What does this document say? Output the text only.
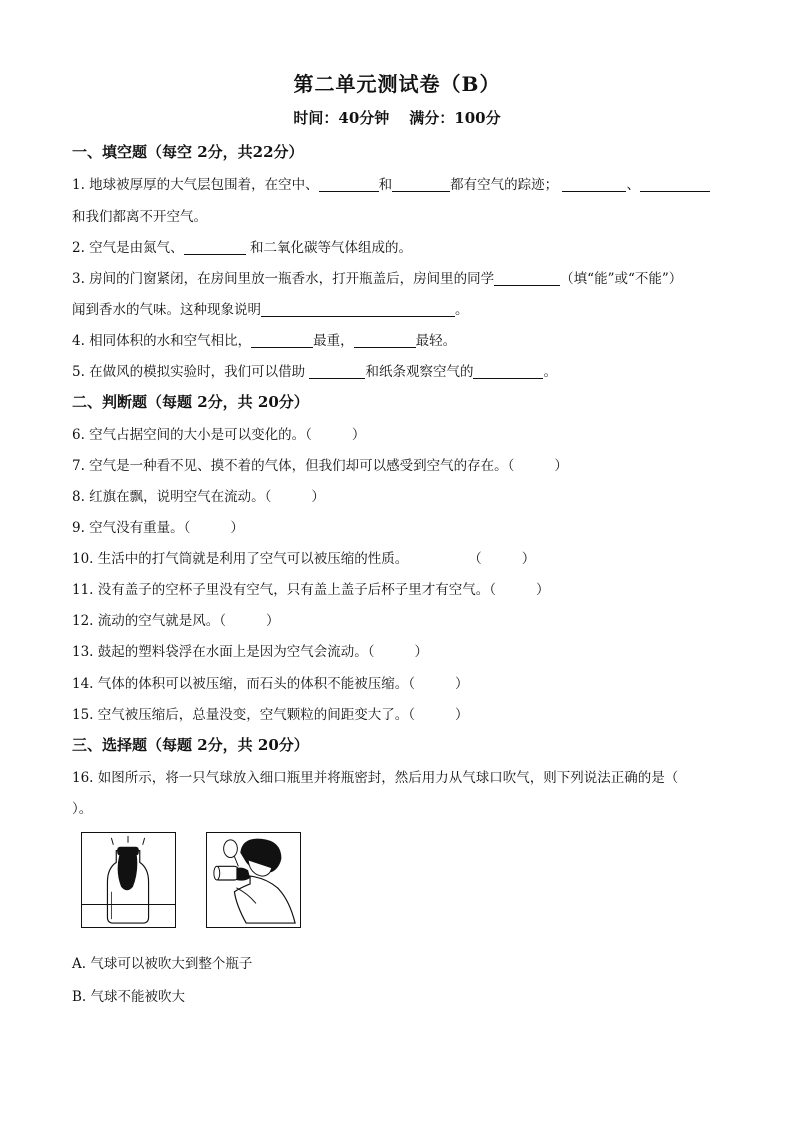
第二单元测试卷（B）
时间：40分钟 满分：100分
一、填空题（每空 2分，共22分）
1. 地球被厚厚的大气层包围着，在空中、	和	都有空气的踪迹；	、
和我们都离不开空气。
2. 空气是由氮气、	和二氧化碳等气体组成的。
3. 房间的门窗紧闭，在房间里放一瓶香水，打开瓶盖后，房间里的同学	（填“能”或“不能”）
闻到香水的气味。这种现象说明	。
4. 相同体积的水和空气相比，	最重，	最轻。
5. 在做风的模拟实验时，我们可以借助	和纸条观察空气的	。
二、判断题（每题 2分，共 20分）
6. 空气占据空间的大小是可以变化的。（	）
7. 空气是一种看不见、摸不着的气体，但我们却可以感受到空气的存在。（	）
8. 红旗在飘，说明空气在流动。（	）
9. 空气没有重量。（	）
10. 生活中的打气筒就是利用了空气可以被压缩的性质。	（	）
11. 没有盖子的空杯子里没有空气，只有盖上盖子后杯子里才有空气。（	）
12. 流动的空气就是风。（	）
13. 鼓起的塑料袋浮在水面上是因为空气会流动。（	）
14. 气体的体积可以被压缩，而石头的体积不能被压缩。（	）
15. 空气被压缩后，总量没变，空气颗粒的间距变大了。（	）
三、选择题（每题 2分，共 20分）
16. 如图所示，将一只气球放入细口瓶里并将瓶密封，然后用力从气球口吹气，则下列说法正确的是（
）。
A. 气球可以被吹大到整个瓶子
B. 气球不能被吹大
